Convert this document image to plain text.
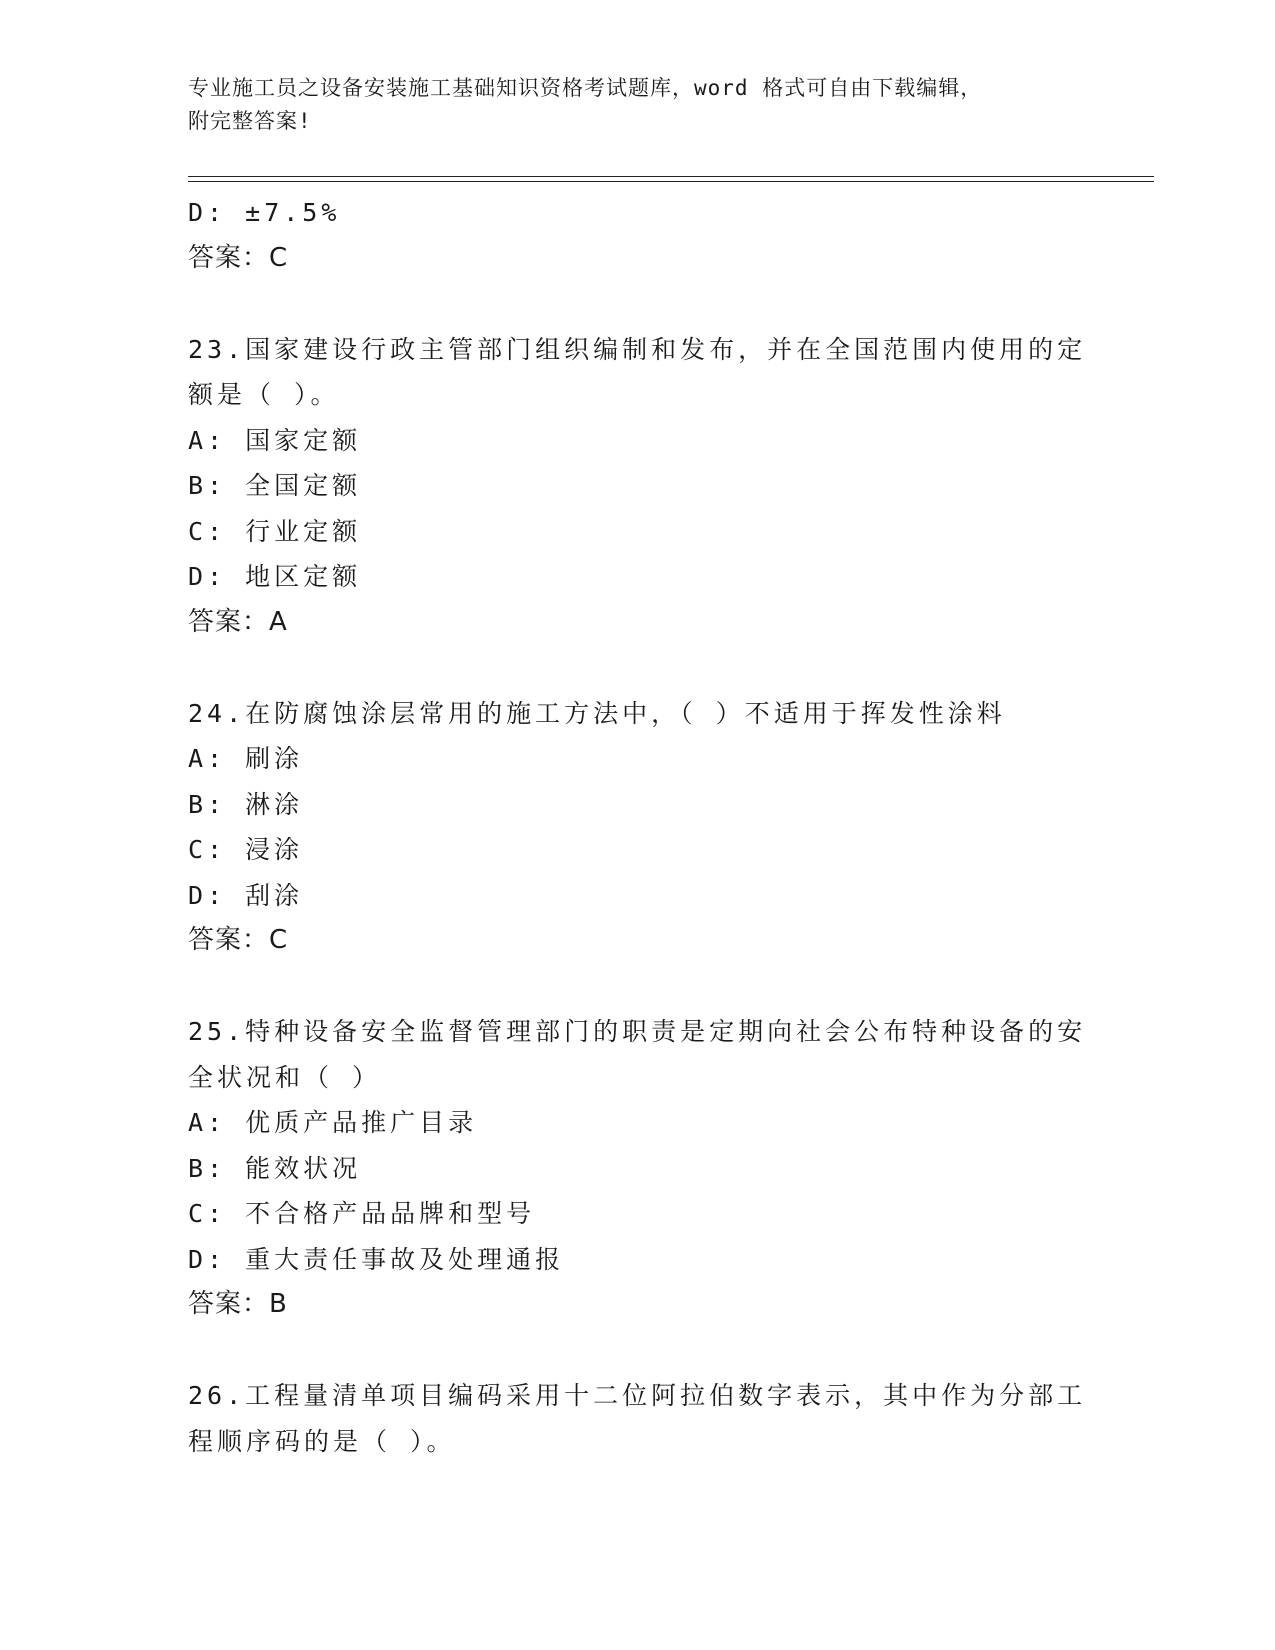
专业施工员之设备安装施工基础知识资格考试题库，word 格式可自由下载编辑，
附完整答案!
D: ±7.5%
答案：C
23.国家建设行政主管部门组织编制和发布，并在全国范围内使用的定
额是（ ）。
A: 国家定额
B: 全国定额
C: 行业定额
D: 地区定额
答案：A
24.在防腐蚀涂层常用的施工方法中，（ ）不适用于挥发性涂料
A: 刷涂
B: 淋涂
C: 浸涂
D: 刮涂
答案：C
25.特种设备安全监督管理部门的职责是定期向社会公布特种设备的安
全状况和（ ）
A: 优质产品推广目录
B: 能效状况
C: 不合格产品品牌和型号
D: 重大责任事故及处理通报
答案：B
26.工程量清单项目编码采用十二位阿拉伯数字表示，其中作为分部工
程顺序码的是（ ）。
